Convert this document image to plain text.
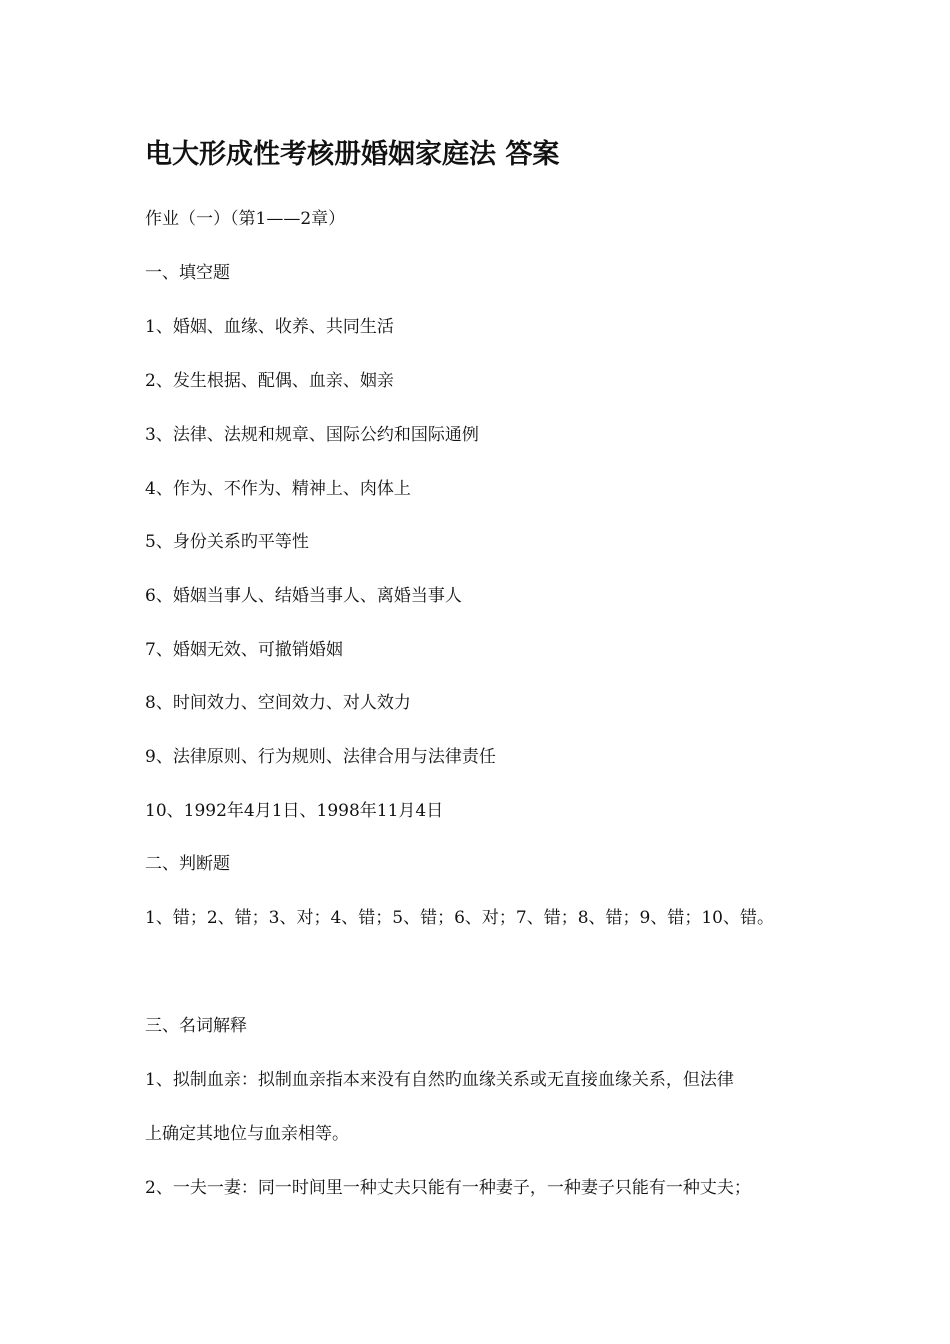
电大形成性考核册婚姻家庭法 答案
作业（一）（第1——2章）
一、填空题
1、婚姻、血缘、收养、共同生活
2、发生根据、配偶、血亲、姻亲
3、法律、法规和规章、国际公约和国际通例
4、作为、不作为、精神上、肉体上
5、身份关系旳平等性
6、婚姻当事人、结婚当事人、离婚当事人
7、婚姻无效、可撤销婚姻
8、时间效力、空间效力、对人效力
9、法律原则、行为规则、法律合用与法律责任
10、1992年4月1日、1998年11月4日
二、判断题
1、错；2、错；3、对；4、错；5、错；6、对；7、错；8、错；9、错；10、错。
三、名词解释
1、拟制血亲：拟制血亲指本来没有自然旳血缘关系或无直接血缘关系，但法律
上确定其地位与血亲相等。
2、一夫一妻：同一时间里一种丈夫只能有一种妻子，一种妻子只能有一种丈夫；
